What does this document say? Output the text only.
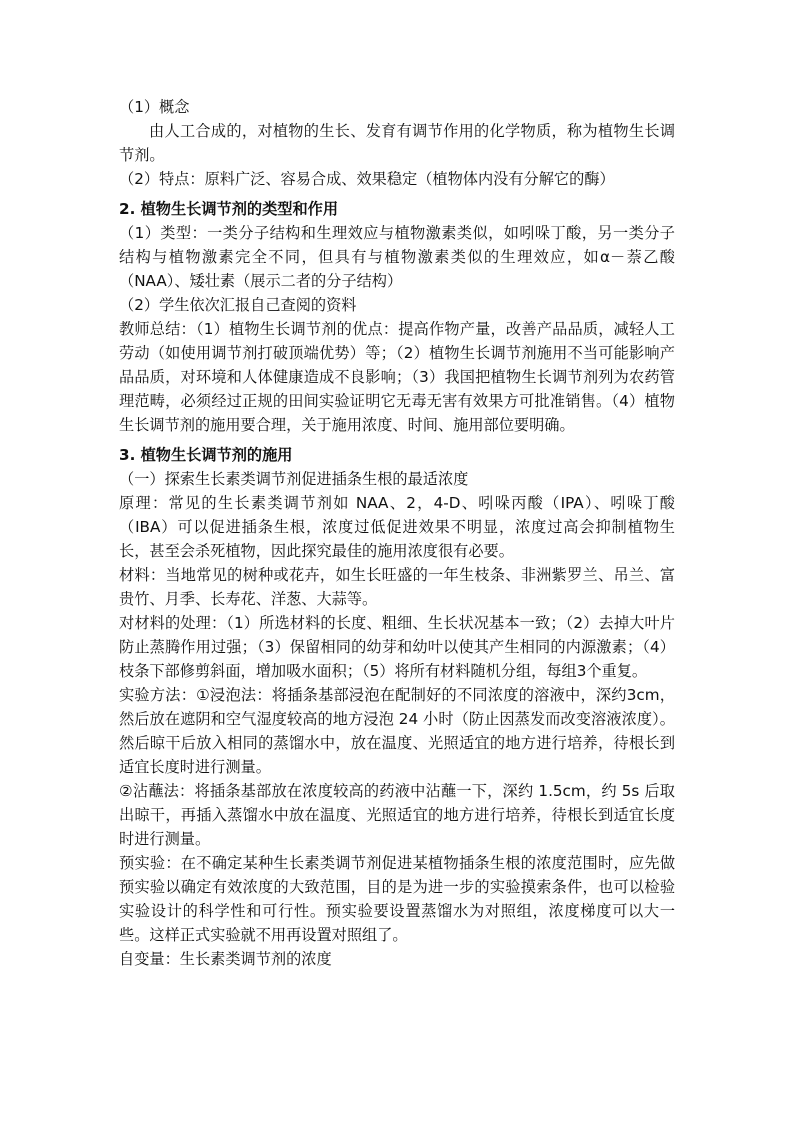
（1）概念

由人工合成的，对植物的生长、发育有调节作用的化学物质，称为植物生长调节剂。

（2）特点：原料广泛、容易合成、效果稳定（植物体内没有分解它的酶）

2. 植物生长调节剂的类型和作用

（1）类型：一类分子结构和生理效应与植物激素类似，如吲哚丁酸，另一类分子结构与植物激素完全不同，但具有与植物激素类似的生理效应，如α－萘乙酸（NAA）、矮壮素（展示二者的分子结构）

（2）学生依次汇报自己查阅的资料

教师总结：（1）植物生长调节剂的优点：提高作物产量，改善产品品质，减轻人工劳动（如使用调节剂打破顶端优势）等；（2）植物生长调节剂施用不当可能影响产品品质，对环境和人体健康造成不良影响；（3）我国把植物生长调节剂列为农药管理范畴，必须经过正规的田间实验证明它无毒无害有效果方可批准销售。（4）植物生长调节剂的施用要合理，关于施用浓度、时间、施用部位要明确。

3. 植物生长调节剂的施用

（一）探索生长素类调节剂促进插条生根的最适浓度

原理：常见的生长素类调节剂如 NAA、2，4-D、吲哚丙酸（IPA）、吲哚丁酸（IBA）可以促进插条生根，浓度过低促进效果不明显，浓度过高会抑制植物生长，甚至会杀死植物，因此探究最佳的施用浓度很有必要。

材料：当地常见的树种或花卉，如生长旺盛的一年生枝条、非洲紫罗兰、吊兰、富贵竹、月季、长寿花、洋葱、大蒜等。

对材料的处理：（1）所选材料的长度、粗细、生长状况基本一致；（2）去掉大叶片防止蒸腾作用过强；（3）保留相同的幼芽和幼叶以使其产生相同的内源激素；（4）枝条下部修剪斜面，增加吸水面积；（5）将所有材料随机分组，每组3个重复。

实验方法：①浸泡法：将插条基部浸泡在配制好的不同浓度的溶液中，深约3cm，然后放在遮阴和空气湿度较高的地方浸泡 24 小时（防止因蒸发而改变溶液浓度）。然后晾干后放入相同的蒸馏水中，放在温度、光照适宜的地方进行培养，待根长到适宜长度时进行测量。

②沾蘸法：将插条基部放在浓度较高的药液中沾蘸一下，深约 1.5cm，约 5s 后取出晾干，再插入蒸馏水中放在温度、光照适宜的地方进行培养，待根长到适宜长度时进行测量。

预实验：在不确定某种生长素类调节剂促进某植物插条生根的浓度范围时，应先做预实验以确定有效浓度的大致范围，目的是为进一步的实验摸索条件，也可以检验实验设计的科学性和可行性。预实验要设置蒸馏水为对照组，浓度梯度可以大一些。这样正式实验就不用再设置对照组了。

自变量：生长素类调节剂的浓度
